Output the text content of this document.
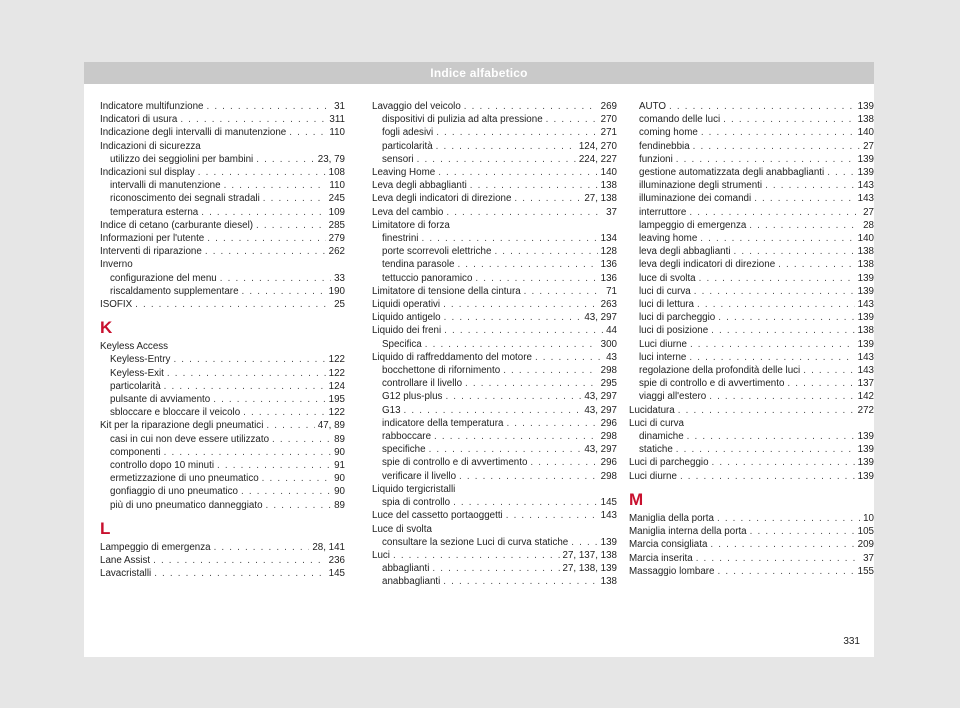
Indice alfabetico
Indicatore multifunzione . . .	31
Indicatori di usura . . .	311
Indicazione degli intervalli di manutenzione . . .	110
Indicazioni di sicurezza
utilizzo dei seggiolini per bambini . . .	23, 79
Indicazioni sul display . . .	108
intervalli di manutenzione . . .	110
riconoscimento dei segnali stradali . . .	245
temperatura esterna . . .	109
Indice di cetano (carburante diesel) . . .	285
Informazioni per l'utente . . .	279
Interventi di riparazione . . .	262
Inverno
configurazione del menu . . .	33
riscaldamento supplementare . . .	190
ISOFIX . . .	25
K
Keyless Access
Keyless-Entry . . .	122
Keyless-Exit . . .	122
particolarità . . .	124
pulsante di avviamento . . .	195
sbloccare e bloccare il veicolo . . .	122
Kit per la riparazione degli pneumatici . . .	47, 89
casi in cui non deve essere utilizzato . . .	89
componenti . . .	90
controllo dopo 10 minuti . . .	91
ermetizzazione di uno pneumatico . . .	90
gonfiaggio di uno pneumatico . . .	90
più di uno pneumatico danneggiato . . .	89
L
Lampeggio di emergenza . . .	28, 141
Lane Assist . . .	236
Lavacristalli . . .	145
Lavaggio del veicolo . . .	269
dispositivi di pulizia ad alta pressione . . .	270
fogli adesivi . . .	271
particolarità . . .	124, 270
sensori . . .	224, 227
Leaving Home . . .	140
Leva degli abbaglianti . . .	138
Leva degli indicatori di direzione . . .	27, 138
Leva del cambio . . .	37
Limitatore di forza
finestrini . . .	134
porte scorrevoli elettriche . . .	128
tendina parasole . . .	136
tettuccio panoramico . . .	136
Limitatore di tensione della cintura . . .	71
Liquidi operativi . . .	263
Liquido antigelo . . .	43, 297
Liquido dei freni . . .	44
Specifica . . .	300
Liquido di raffreddamento del motore . . .	43
bocchettone di rifornimento . . .	298
controllare il livello . . .	295
G12 plus-plus . . .	43, 297
G13 . . .	43, 297
indicatore della temperatura . . .	296
rabboccare . . .	298
specifiche . . .	43, 297
spie di controllo e di avvertimento . . .	296
verificare il livello . . .	298
Liquido tergicristalli
spia di controllo . . .	145
Luce del cassetto portaoggetti . . .	143
Luce di svolta
consultare la sezione Luci di curva statiche . . .	139
Luci . . .	27, 137, 138
abbaglianti . . .	27, 138, 139
anabbaglianti . . .	138
AUTO . . .	139
comando delle luci . . .	138
coming home . . .	140
fendinebbia . . .	27
funzioni . . .	139
gestione automatizzata degli anabbaglianti . . .	139
illuminazione degli strumenti . . .	143
illuminazione dei comandi . . .	143
interruttore . . .	27
lampeggio di emergenza . . .	28
leaving home . . .	140
leva degli abbaglianti . . .	138
leva degli indicatori di direzione . . .	138
luce di svolta . . .	139
luci di curva . . .	139
luci di lettura . . .	143
luci di parcheggio . . .	139
luci di posizione . . .	138
Luci diurne . . .	139
luci interne . . .	143
regolazione della profondità delle luci . . .	143
spie di controllo e di avvertimento . . .	137
viaggi all'estero . . .	142
Lucidatura . . .	272
Luci di curva
dinamiche . . .	139
statiche . . .	139
Luci di parcheggio . . .	139
Luci diurne . . .	139
M
Maniglia della porta . . .	10
Maniglia interna della porta . . .	105
Marcia consigliata . . .	209
Marcia inserita . . .	37
Massaggio lombare . . .	155
331
